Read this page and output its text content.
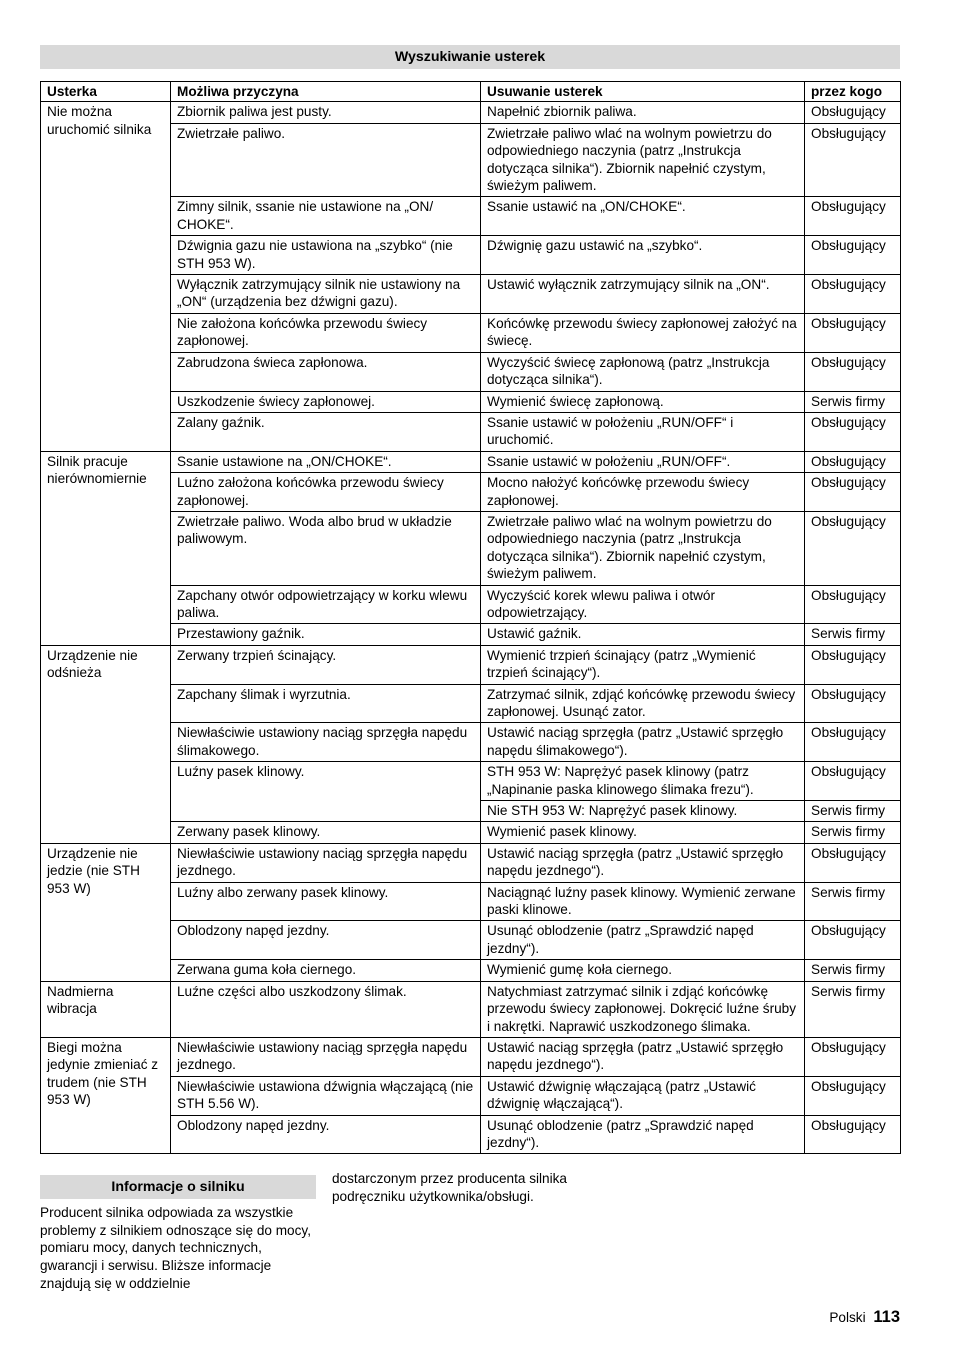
Wyszukiwanie usterek
Usterka	Możliwa przyczyna	Usuwanie usterek	przez kogo
Nie można uruchomić silnika	Zbiornik paliwa jest pusty.	Napełnić zbiornik paliwa.	Obsługujący
	Zwietrzałe paliwo.	Zwietrzałe paliwo wlać na wolnym powietrzu do odpowiedniego naczynia (patrz „Instrukcja dotycząca silnika“). Zbiornik napełnić czystym, świeżym paliwem.	Obsługujący
	Zimny silnik, ssanie nie ustawione na „ON/ CHOKE“.	Ssanie ustawić na „ON/CHOKE“.	Obsługujący
	Dźwignia gazu nie ustawiona na „szybko“ (nie STH 953 W).	Dźwignię gazu ustawić na „szybko“.	Obsługujący
	Wyłącznik zatrzymujący silnik nie ustawiony na „ON“ (urządzenia bez dźwigni gazu).	Ustawić wyłącznik zatrzymujący silnik na „ON“.	Obsługujący
	Nie założona końcówka przewodu świecy zapłonowej.	Końcówkę przewodu świecy zapłonowej założyć na świecę.	Obsługujący
	Zabrudzona świeca zapłonowa.	Wyczyścić świecę zapłonową (patrz „Instrukcja dotycząca silnika“).	Obsługujący
	Uszkodzenie świecy zapłonowej.	Wymienić świecę zapłonową.	Serwis firmy
	Zalany gaźnik.	Ssanie ustawić w położeniu „RUN/OFF“ i uruchomić.	Obsługujący
Silnik pracuje nierównomiernie	Ssanie ustawione na „ON/CHOKE“.	Ssanie ustawić w położeniu „RUN/OFF“.	Obsługujący
	Luźno założona końcówka przewodu świecy zapłonowej.	Mocno nałożyć końcówkę przewodu świecy zapłonowej.	Obsługujący
	Zwietrzałe paliwo. Woda albo brud w układzie paliwowym.	Zwietrzałe paliwo wlać na wolnym powietrzu do odpowiedniego naczynia (patrz „Instrukcja dotycząca silnika“). Zbiornik napełnić czystym, świeżym paliwem.	Obsługujący
	Zapchany otwór odpowietrzający w korku wlewu paliwa.	Wyczyścić korek wlewu paliwa i otwór odpowietrzający.	Obsługujący
	Przestawiony gaźnik.	Ustawić gaźnik.	Serwis firmy
Urządzenie nie odśnieża	Zerwany trzpień ścinający.	Wymienić trzpień ścinający (patrz „Wymienić trzpień ścinający“).	Obsługujący
	Zapchany ślimak i wyrzutnia.	Zatrzymać silnik, zdjąć końcówkę przewodu świecy zapłonowej. Usunąć zator.	Obsługujący
	Niewłaściwie ustawiony naciąg sprzęgła napędu ślimakowego.	Ustawić naciąg sprzęgła (patrz „Ustawić sprzęgło napędu ślimakowego“).	Obsługujący
	Luźny pasek klinowy.	STH 953 W: Naprężyć pasek klinowy (patrz „Napinanie paska klinowego ślimaka frezu“).	Obsługujący
		Nie STH 953 W: Naprężyć pasek klinowy.	Serwis firmy
	Zerwany pasek klinowy.	Wymienić pasek klinowy.	Serwis firmy
Urządzenie nie jedzie (nie STH 953 W)	Niewłaściwie ustawiony naciąg sprzęgła napędu jezdnego.	Ustawić naciąg sprzęgła (patrz „Ustawić sprzęgło napędu jezdnego“).	Obsługujący
	Luźny albo zerwany pasek klinowy.	Naciągnąć luźny pasek klinowy. Wymienić zerwane paski klinowe.	Serwis firmy
	Oblodzony napęd jezdny.	Usunąć oblodzenie (patrz „Sprawdzić napęd jezdny“).	Obsługujący
	Zerwana guma koła ciernego.	Wymienić gumę koła ciernego.	Serwis firmy
Nadmierna wibracja	Luźne części albo uszkodzony ślimak.	Natychmiast zatrzymać silnik i zdjąć końcówkę przewodu świecy zapłonowej. Dokręcić luźne śruby i nakrętki. Naprawić uszkodzonego ślimaka.	Serwis firmy
Biegi można jedynie zmieniać z trudem (nie STH 953 W)	Niewłaściwie ustawiony naciąg sprzęgła napędu jezdnego.	Ustawić naciąg sprzęgła (patrz „Ustawić sprzęgło napędu jezdnego“).	Obsługujący
	Niewłaściwie ustawiona dźwignia włączającą (nie STH 5.56 W).	Ustawić dźwignię włączającą (patrz „Ustawić dźwignię włączającą“).	Obsługujący
	Oblodzony napęd jezdny.	Usunąć oblodzenie (patrz „Sprawdzić napęd jezdny“).	Obsługujący
Informacje o silniku
Producent silnika odpowiada za wszystkie problemy z silnikiem odnoszące się do mocy, pomiaru mocy, danych technicznych, gwarancji i serwisu. Bliższe informacje znajdują się w oddzielnie
dostarczonym przez producenta silnika podręczniku użytkownika/obsługi.
Polski 113
